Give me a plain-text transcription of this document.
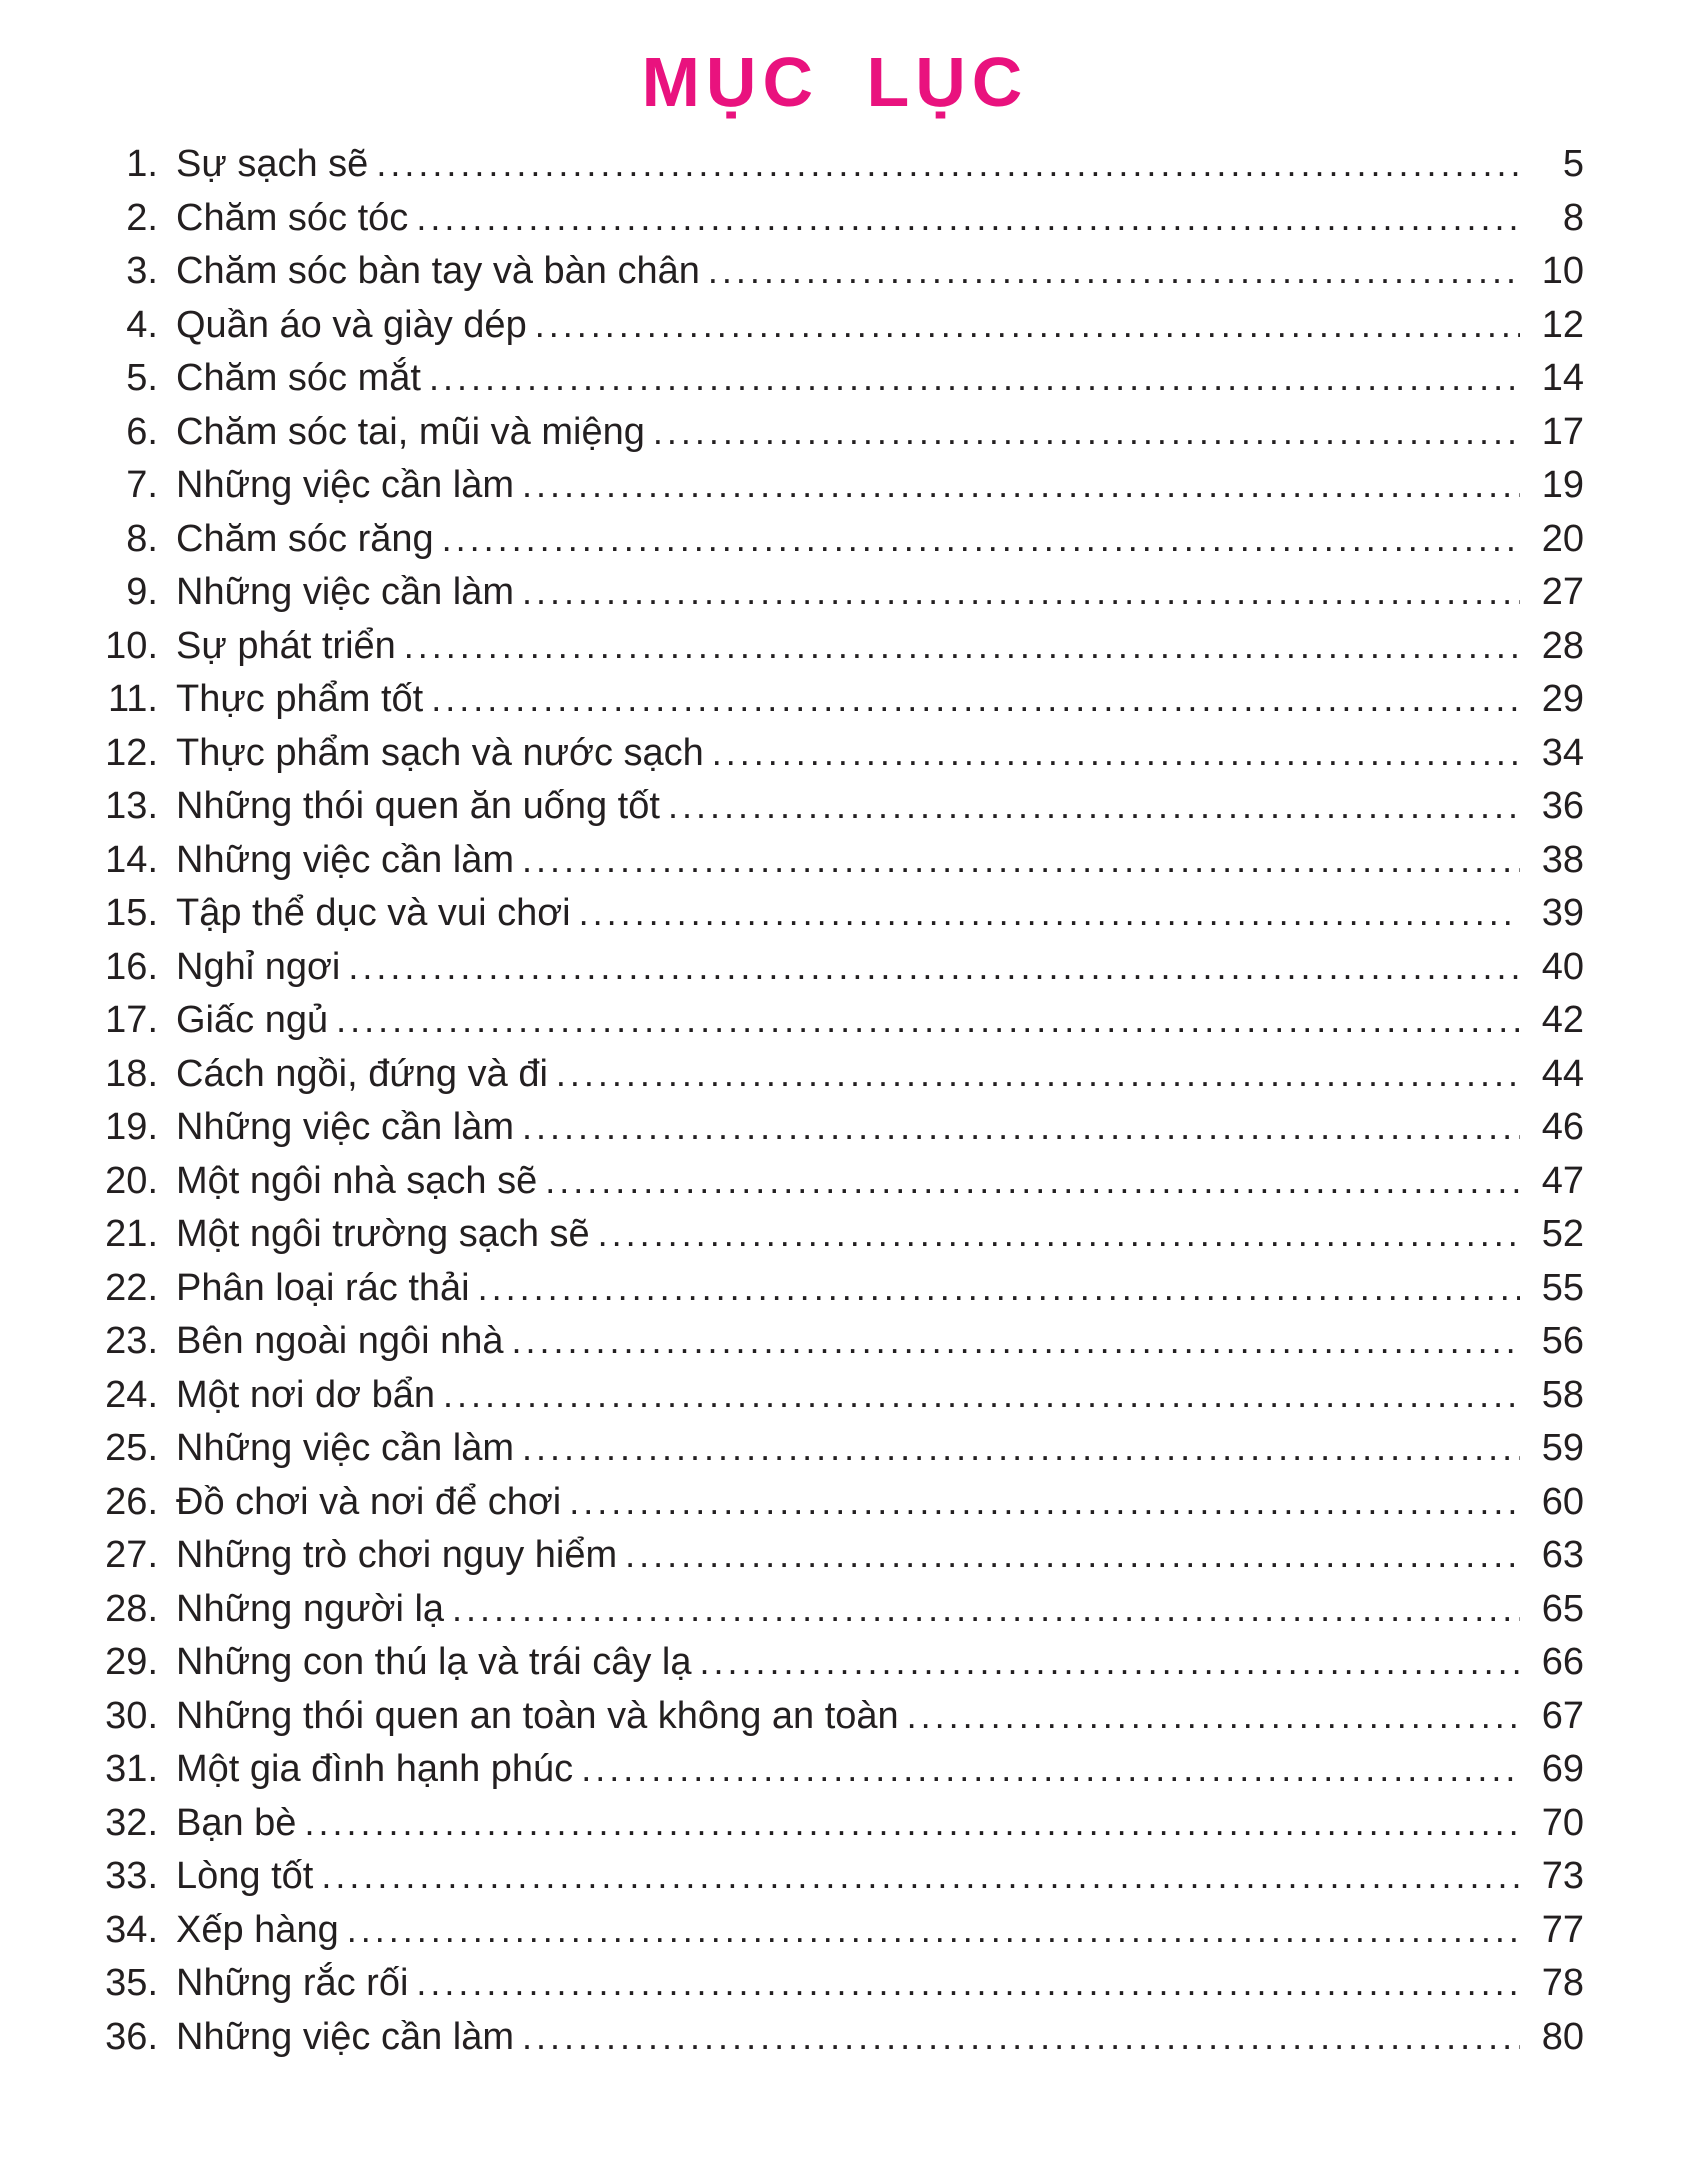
MỤC LỤC
1. Sự sạch sẽ .....	5
2. Chăm sóc tóc .....	8
3. Chăm sóc bàn tay và bàn chân .....	10
4. Quần áo và giày dép .....	12
5. Chăm sóc mắt .....	14
6. Chăm sóc tai, mũi và miệng .....	17
7. Những việc cần làm .....	19
8. Chăm sóc răng .....	20
9. Những việc cần làm .....	27
10. Sự phát triển .....	28
11. Thực phẩm tốt .....	29
12. Thực phẩm sạch và nước sạch .....	34
13. Những thói quen ăn uống tốt .....	36
14. Những việc cần làm .....	38
15. Tập thể dục và vui chơi .....	39
16. Nghỉ ngơi .....	40
17. Giấc ngủ .....	42
18. Cách ngồi, đứng và đi .....	44
19. Những việc cần làm .....	46
20. Một ngôi nhà sạch sẽ .....	47
21. Một ngôi trường sạch sẽ .....	52
22. Phân loại rác thải .....	55
23. Bên ngoài ngôi nhà .....	56
24. Một nơi dơ bẩn .....	58
25. Những việc cần làm .....	59
26. Đồ chơi và nơi để chơi .....	60
27. Những trò chơi nguy hiểm .....	63
28. Những người lạ .....	65
29. Những con thú lạ và trái cây lạ .....	66
30. Những thói quen an toàn và không an toàn .....	67
31. Một gia đình hạnh phúc .....	69
32. Bạn bè .....	70
33. Lòng tốt .....	73
34. Xếp hàng .....	77
35. Những rắc rối .....	78
36. Những việc cần làm .....	80
